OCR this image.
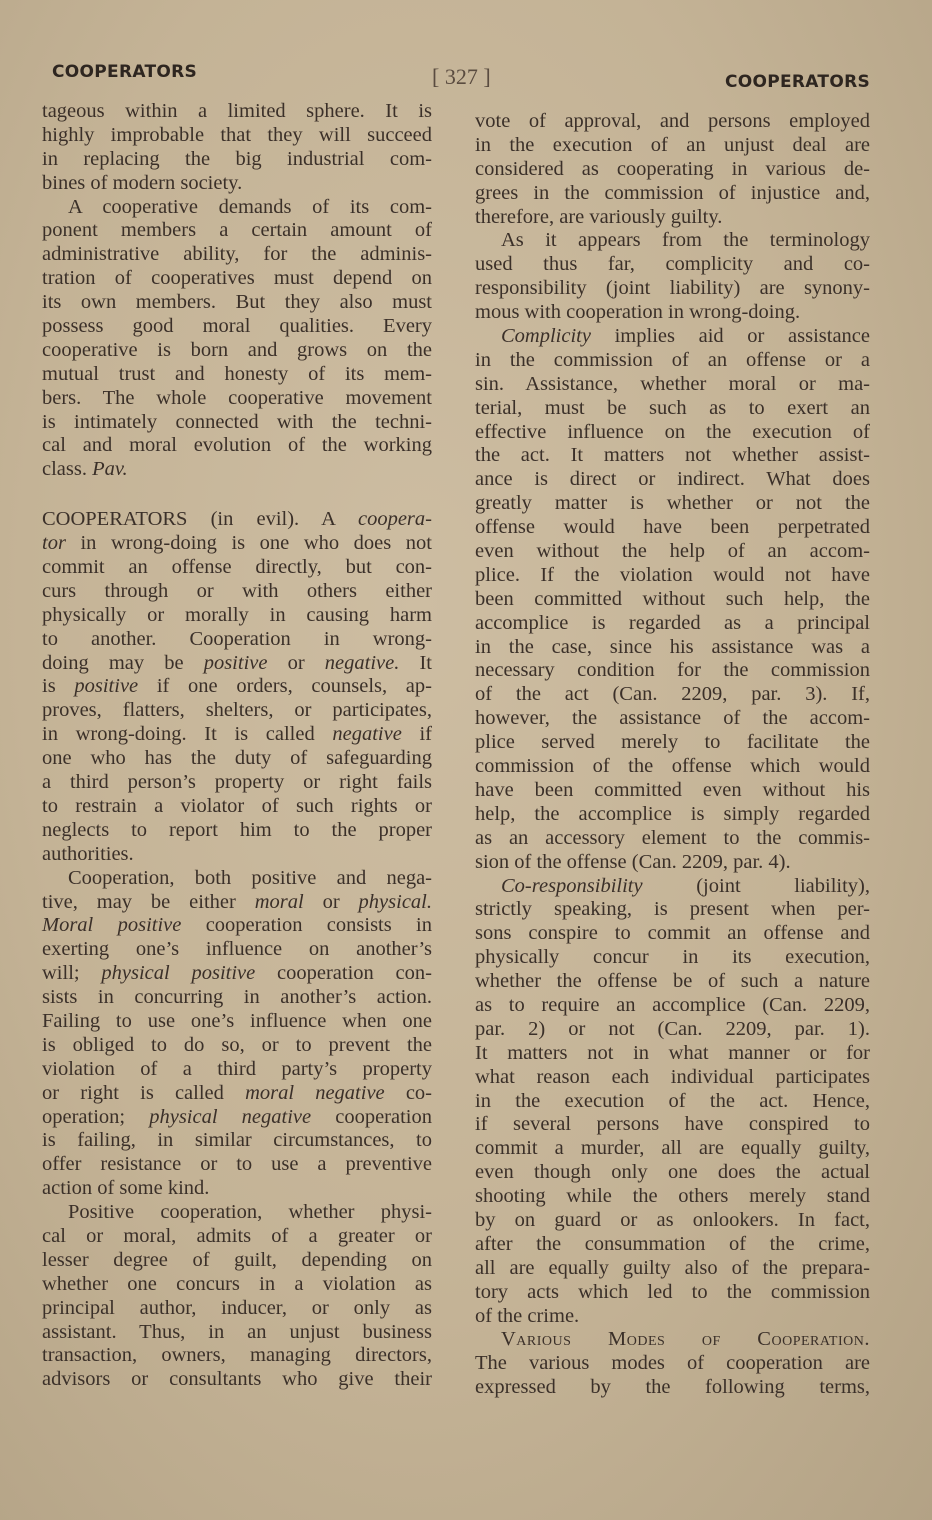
COOPERATORS	[ 327 ]	COOPERATORS
tageous within a limited sphere. It is
highly improbable that they will succeed
in replacing the big industrial com-
bines of modern society.
A cooperative demands of its com-
ponent members a certain amount of
administrative ability, for the adminis-
tration of cooperatives must depend on
its own members. But they also must
possess good moral qualities. Every
cooperative is born and grows on the
mutual trust and honesty of its mem-
bers. The whole cooperative movement
is intimately connected with the techni-
cal and moral evolution of the working
class. Pav.
COOPERATORS (in evil). A coopera-
tor in wrong-doing is one who does not
commit an offense directly, but con-
curs through or with others either
physically or morally in causing harm
to another. Cooperation in wrong-
doing may be positive or negative. It
is positive if one orders, counsels, ap-
proves, flatters, shelters, or participates,
in wrong-doing. It is called negative if
one who has the duty of safeguarding
a third person’s property or right fails
to restrain a violator of such rights or
neglects to report him to the proper
authorities.
Cooperation, both positive and nega-
tive, may be either moral or physical.
Moral positive cooperation consists in
exerting one’s influence on another’s
will; physical positive cooperation con-
sists in concurring in another’s action.
Failing to use one’s influence when one
is obliged to do so, or to prevent the
violation of a third party’s property
or right is called moral negative co-
operation; physical negative cooperation
is failing, in similar circumstances, to
offer resistance or to use a preventive
action of some kind.
Positive cooperation, whether physi-
cal or moral, admits of a greater or
lesser degree of guilt, depending on
whether one concurs in a violation as
principal author, inducer, or only as
assistant. Thus, in an unjust business
transaction, owners, managing directors,
advisors or consultants who give their
vote of approval, and persons employed
in the execution of an unjust deal are
considered as cooperating in various de-
grees in the commission of injustice and,
therefore, are variously guilty.
As it appears from the terminology
used thus far, complicity and co-
responsibility (joint liability) are synony-
mous with cooperation in wrong-doing.
Complicity implies aid or assistance
in the commission of an offense or a
sin. Assistance, whether moral or ma-
terial, must be such as to exert an
effective influence on the execution of
the act. It matters not whether assist-
ance is direct or indirect. What does
greatly matter is whether or not the
offense would have been perpetrated
even without the help of an accom-
plice. If the violation would not have
been committed without such help, the
accomplice is regarded as a principal
in the case, since his assistance was a
necessary condition for the commission
of the act (Can. 2209, par. 3). If,
however, the assistance of the accom-
plice served merely to facilitate the
commission of the offense which would
have been committed even without his
help, the accomplice is simply regarded
as an accessory element to the commis-
sion of the offense (Can. 2209, par. 4).
Co-responsibility (joint liability),
strictly speaking, is present when per-
sons conspire to commit an offense and
physically concur in its execution,
whether the offense be of such a nature
as to require an accomplice (Can. 2209,
par. 2) or not (Can. 2209, par. 1).
It matters not in what manner or for
what reason each individual participates
in the execution of the act. Hence,
if several persons have conspired to
commit a murder, all are equally guilty,
even though only one does the actual
shooting while the others merely stand
by on guard or as onlookers. In fact,
after the consummation of the crime,
all are equally guilty also of the prepara-
tory acts which led to the commission
of the crime.
Various Modes of Cooperation.
The various modes of cooperation are
expressed by the following terms,
